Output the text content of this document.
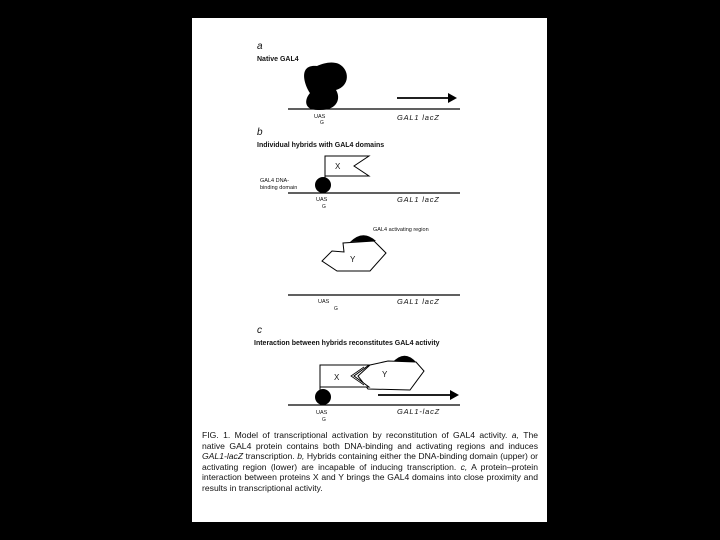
a
Native GAL4
UAS
G
GAL1 lacZ
b
Individual hybrids with GAL4 domains
X
GAL4 DNA-
binding domain
UAS
G
GAL1 lacZ
GAL4 activating region
Y
UAS
G
GAL1 lacZ
c
Interaction between hybrids reconstitutes GAL4 activity
Y
X
UAS
G
GAL1-lacZ
FIG. 1. Model of transcriptional activation by reconstitution of GAL4 activity. a, The native GAL4 protein contains both DNA-binding and activating regions and induces GAL1-lacZ transcription. b, Hybrids containing either the DNA-binding domain (upper) or activating region (lower) are incapable of inducing transcription. c, A protein–protein interaction between proteins X and Y brings the GAL4 domains into close proximity and results in transcriptional activity.
